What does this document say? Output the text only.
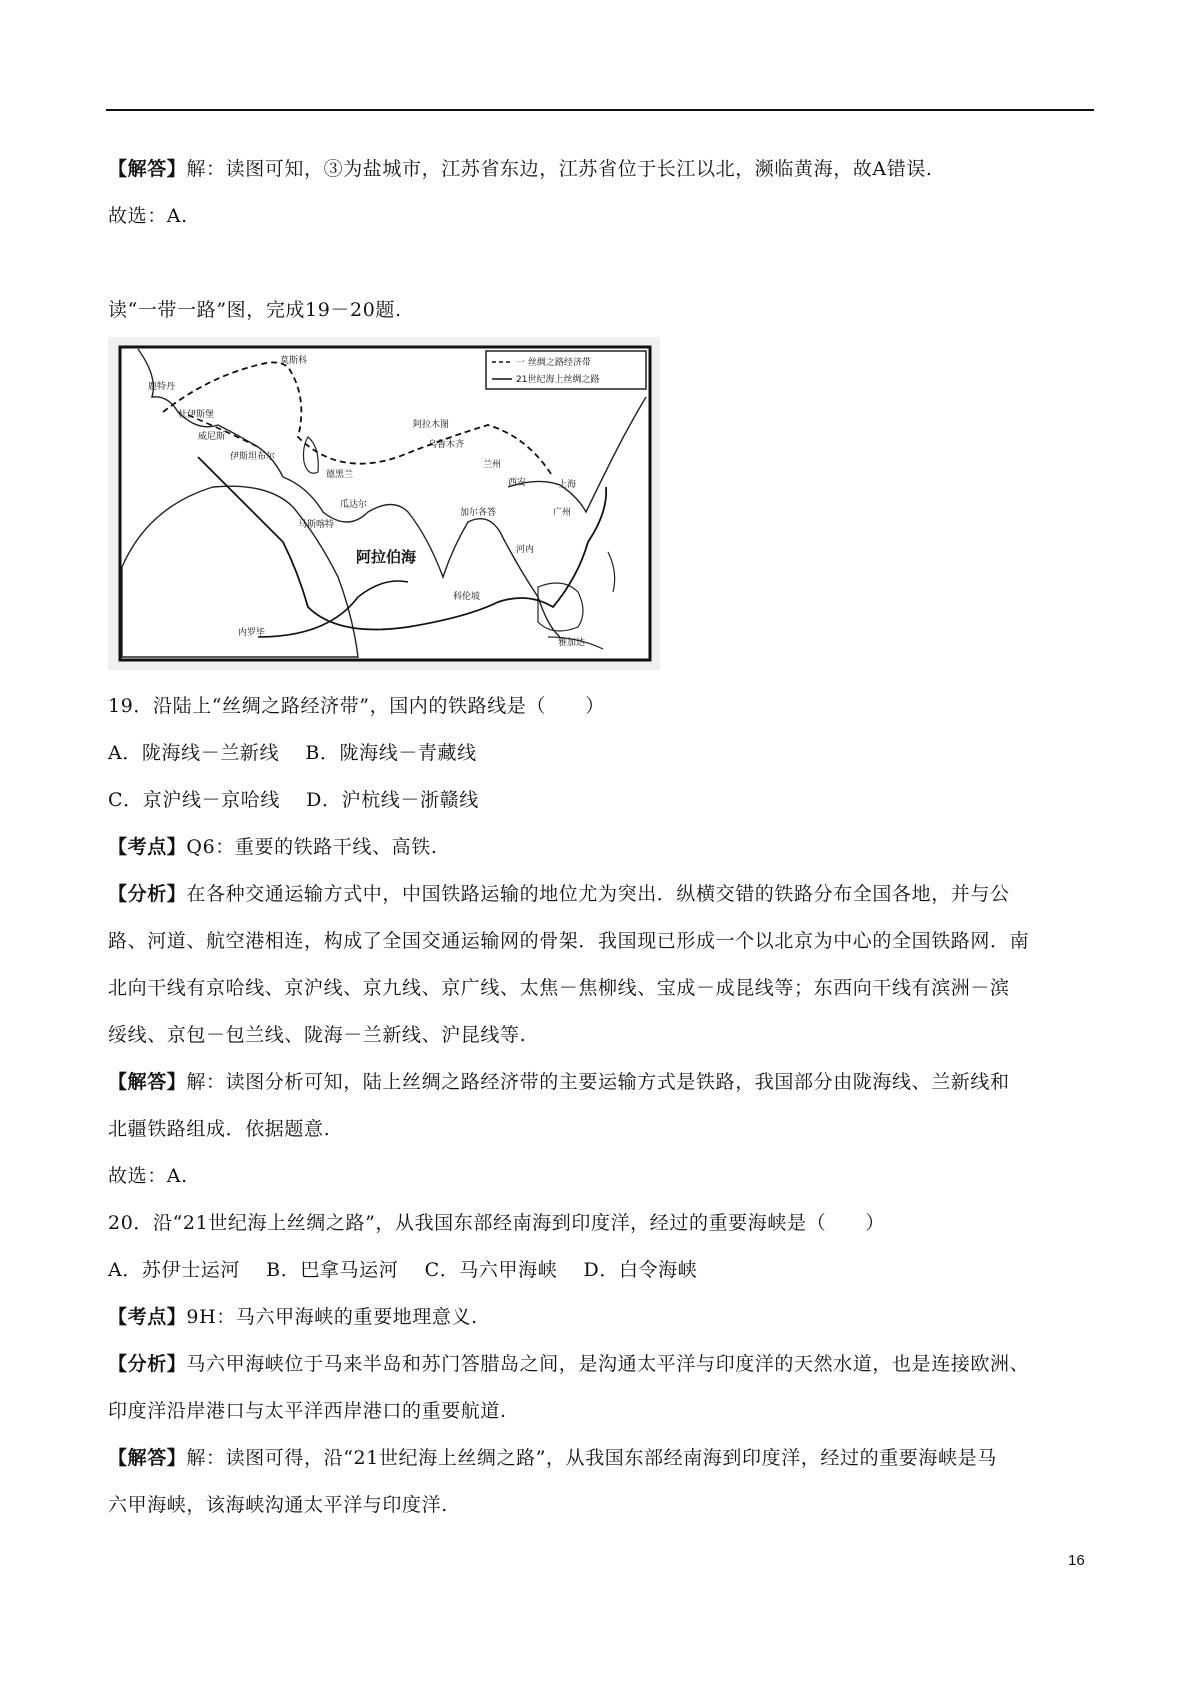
【解答】解：读图可知，③为盐城市，江苏省东边，江苏省位于长江以北，濒临黄海，故A错误.
故选：A.
读“一带一路”图，完成19－20题.
19．沿陆上“丝绸之路经济带”，国内的铁路线是（　　）
A．陇海线－兰新线　 B．陇海线－青藏线
C．京沪线－京哈线　 D．沪杭线－浙赣线
【考点】Q6：重要的铁路干线、高铁.
【分析】在各种交通运输方式中，中国铁路运输的地位尤为突出．纵横交错的铁路分布全国各地，并与公
路、河道、航空港相连，构成了全国交通运输网的骨架．我国现已形成一个以北京为中心的全国铁路网．南
北向干线有京哈线、京沪线、京九线、京广线、太焦－焦柳线、宝成－成昆线等；东西向干线有滨洲－滨
绥线、京包－包兰线、陇海－兰新线、沪昆线等.
【解答】解：读图分析可知，陆上丝绸之路经济带的主要运输方式是铁路，我国部分由陇海线、兰新线和
北疆铁路组成．依据题意.
故选：A.
20．沿“21世纪海上丝绸之路”，从我国东部经南海到印度洋，经过的重要海峡是（　　）
A．苏伊士运河　 B．巴拿马运河　 C．马六甲海峡　 D．白令海峡
【考点】9H：马六甲海峡的重要地理意义.
【分析】马六甲海峡位于马来半岛和苏门答腊岛之间，是沟通太平洋与印度洋的天然水道，也是连接欧洲、
印度洋沿岸港口与太平洋西岸港口的重要航道.
【解答】解：读图可得，沿“21世纪海上丝绸之路”，从我国东部经南海到印度洋，经过的重要海峡是马
六甲海峡，该海峡沟通太平洋与印度洋.
一 丝绸之路经济带
21世纪海上丝绸之路
阿拉伯海
莫斯科
鹿特丹
杜伊斯堡
威尼斯
伊斯坦布尔
德黑兰
阿拉木图
乌鲁木齐
兰州
西安	上海
广州
河内
雅加达
科伦坡
加尔各答
瓜达尔
马斯喀特
内罗毕
16
